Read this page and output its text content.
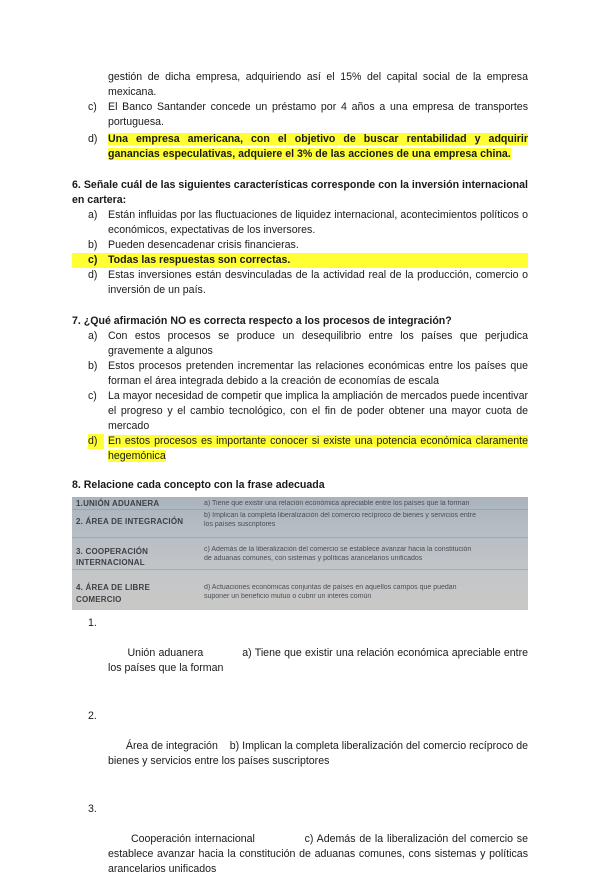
gestión de dicha empresa, adquiriendo así el 15% del capital social de la empresa mexicana.

c)	El Banco Santander concede un préstamo por 4 años a una empresa de transportes portuguesa.
d) Una empresa americana, con el objetivo de buscar rentabilidad y adquirir ganancias especulativas, adquiere el 3% de las acciones de una empresa china.

6. Señale cuál de las siguientes características corresponde con la inversión internacional en cartera:

a) Están influidas por las fluctuaciones de liquidez internacional, acontecimientos políticos o económicos, expectativas de los inversores.
b) Pueden desencadenar crisis financieras.
c) Todas las respuestas son correctas.
d) Estas inversiones están desvinculadas de la actividad real de la producción, comercio o inversión de un país.

7. ¿Qué afirmación NO es correcta respecto a los procesos de integración?

a) Con estos procesos se produce un desequilibrio entre los países que perjudica gravemente a algunos
b) Estos procesos pretenden incrementar las relaciones económicas entre los países que forman el área integrada debido a la creación de economías de escala
c)	La mayor necesidad de competir que implica la ampliación de mercados puede incentivar el progreso y el cambio tecnológico, con el fin de poder obtener una mayor cuota de mercado
d) En estos procesos es importante conocer si existe una potencia económica claramente hegemónica

8. Relacione cada concepto con la frase adecuada

1.UNIÓN ADUANERA
2. ÁREA DE INTEGRACIÓN
3. COOPERACIÓN
INTERNACIONAL
4. ÁREA DE LIBRE
COMERCIO
a) Tiene que existir una relación económica apreciable entre los países que la forman
b) Implican la completa liberalización del comercio recíproco de bienes y servicios entre
los países suscriptores
c) Además de la liberalización del comercio se establece avanzar hacia la constitución
de aduanas comunes, con sistemas y políticas arancelarios unificados
d) Actuaciones económicas conjuntas de países en aquellos campos que puedan
suponer un beneficio mutuo o cubrir un interés común

1.

Unión aduanera            a) Tiene que existir una relación económica apreciable entre los países que la forman

2.

Área de integración    b) Implican la completa liberalización del comercio recíproco de bienes y servicios entre los países suscriptores

3.

Cooperación internacional             c) Además de la liberalización del comercio se establece avanzar hacia la constitución de aduanas comunes, cons sistemas y políticas arancelarios unificados
